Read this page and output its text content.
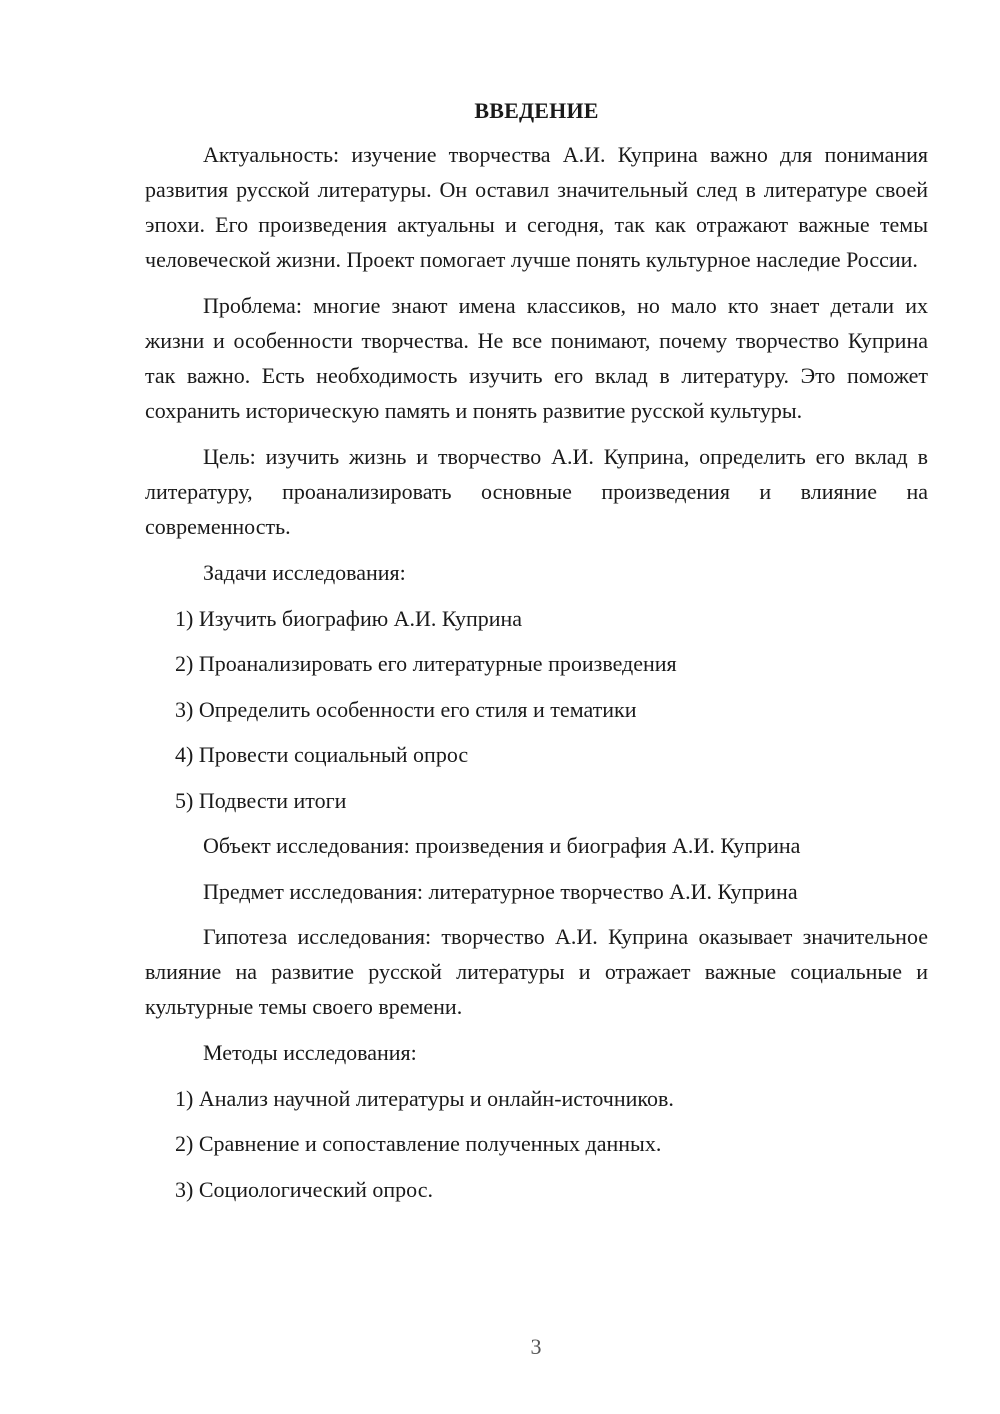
ВВЕДЕНИЕ

Актуальность: изучение творчества А.И. Куприна важно для понимания развития русской литературы. Он оставил значительный след в литературе своей эпохи. Его произведения актуальны и сегодня, так как отражают важные темы человеческой жизни. Проект помогает лучше понять культурное наследие России.

Проблема: многие знают имена классиков, но мало кто знает детали их жизни и особенности творчества. Не все понимают, почему творчество Куприна так важно. Есть необходимость изучить его вклад в литературу. Это поможет сохранить историческую память и понять развитие русской культуры.

Цель: изучить жизнь и творчество А.И. Куприна, определить его вклад в литературу, проанализировать основные произведения и влияние на современность.

Задачи исследования:
1) Изучить биографию А.И. Куприна
2) Проанализировать его литературные произведения
3) Определить особенности его стиля и тематики
4) Провести социальный опрос
5) Подвести итоги
Объект исследования: произведения и биография А.И. Куприна
Предмет исследования: литературное творчество А.И. Куприна

Гипотеза исследования: творчество А.И. Куприна оказывает значительное влияние на развитие русской литературы и отражает важные социальные и культурные темы своего времени.

Методы исследования:
1) Анализ научной литературы и онлайн-источников.
2) Сравнение и сопоставление полученных данных.
3) Социологический опрос.
3
